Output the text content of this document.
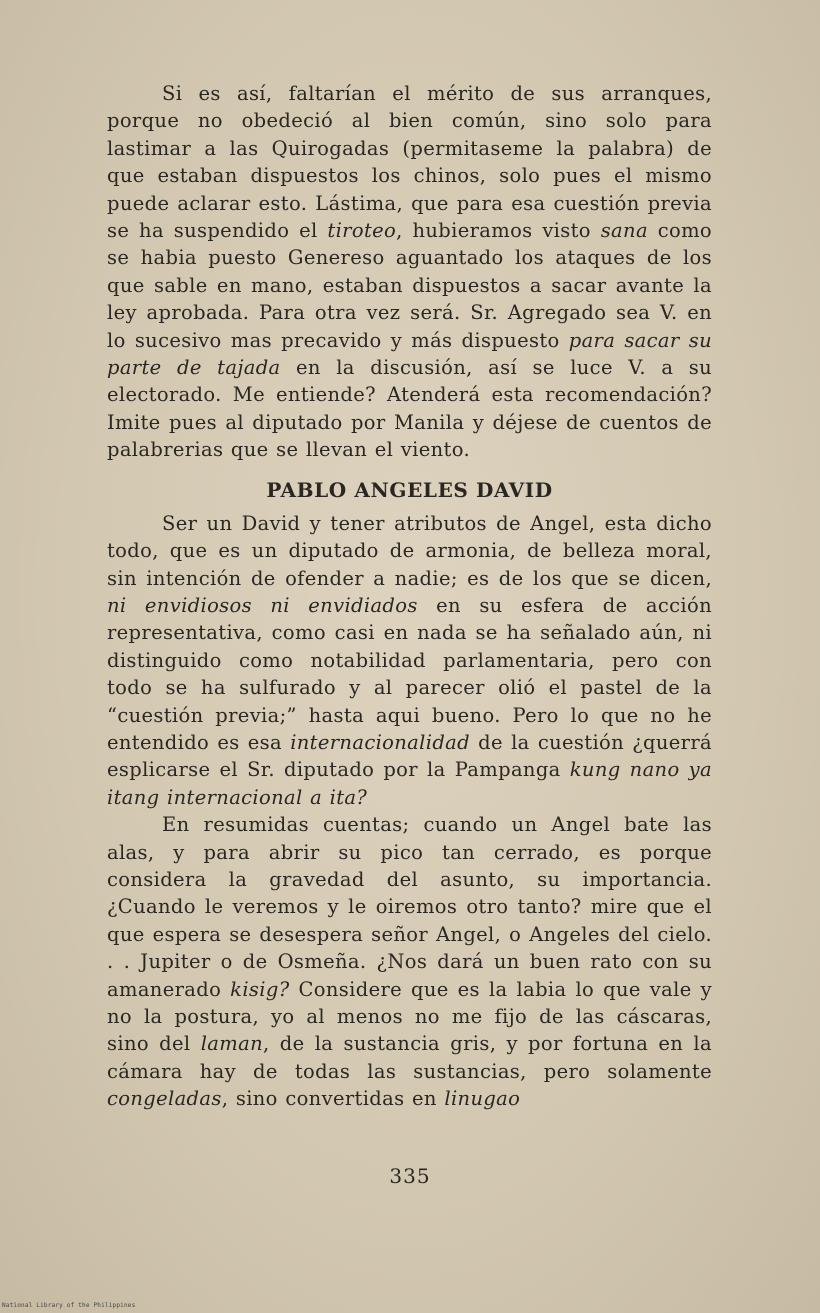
Si es así, faltarían el mérito de sus arranques, porque no obedeció al bien común, sino solo para lastimar a las Quirogadas (permitaseme la palabra) de que estaban dispuestos los chinos, solo pues el mismo puede aclarar esto. Lástima, que para esa cuestión previa se ha suspendido el tiroteo, hubieramos visto sana como se habia puesto Genereso aguantado los ataques de los que sable en mano, estaban dispuestos a sacar avante la ley aprobada. Para otra vez será. Sr. Agregado sea V. en lo sucesivo mas precavido y más dispuesto para sacar su parte de tajada en la discusión, así se luce V. a su electorado. Me entiende? Atenderá esta recomendación? Imite pues al diputado por Manila y déjese de cuentos de palabrerias que se llevan el viento.

PABLO ANGELES DAVID

Ser un David y tener atributos de Angel, esta dicho todo, que es un diputado de armonia, de belleza moral, sin intención de ofender a nadie; es de los que se dicen, ni envidiosos ni envidiados en su esfera de acción representativa, como casi en nada se ha señalado aún, ni distinguido como notabilidad parlamentaria, pero con todo se ha sulfurado y al parecer olió el pastel de la “cuestión previa;” hasta aqui bueno. Pero lo que no he entendido es esa internacionalidad de la cuestión ¿querrá esplicarse el Sr. diputado por la Pampanga kung nano ya itang internacional a ita?

En resumidas cuentas; cuando un Angel bate las alas, y para abrir su pico tan cerrado, es porque considera la gravedad del asunto, su importancia. ¿Cuando le veremos y le oiremos otro tanto? mire que el que espera se desespera señor Angel, o Angeles del cielo. . . Jupiter o de Osmeña. ¿Nos dará un buen rato con su amanerado kisig? Considere que es la labia lo que vale y no la postura, yo al menos no me fijo de las cáscaras, sino del laman, de la sustancia gris, y por fortuna en la cámara hay de todas las sustancias, pero solamente congeladas, sino convertidas en linugao

335
National Library of the Philippines
